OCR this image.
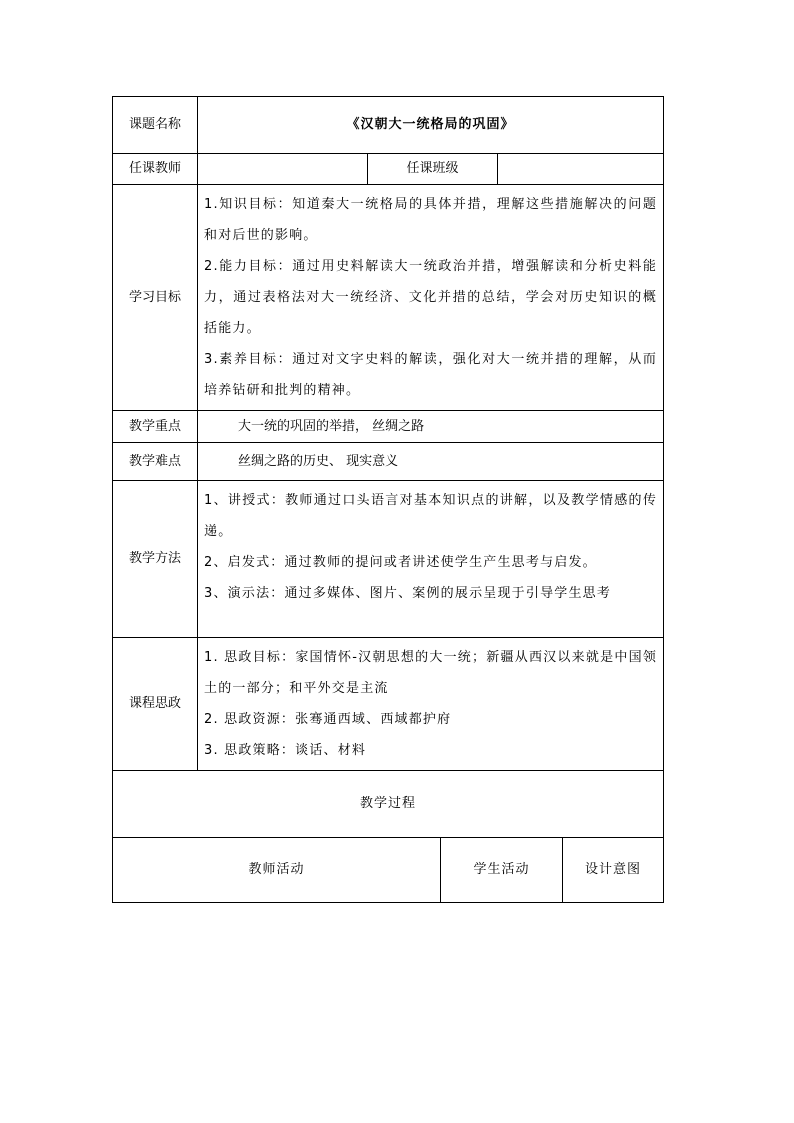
课题名称	《汉朝大一统格局的巩固》				
任课教师		任课班级			
学习目标	1.知识目标：知道秦大一统格局的具体并措，理解这些措施解决的问题和对后世的影响。

2.能力目标：通过用史料解读大一统政治并措，增强解读和分析史料能力，通过表格法对大一统经济、文化并措的总结，学会对历史知识的概括能力。

3.素养目标：通过对文字史料的解读，强化对大一统并措的理解，从而培养钻研和批判的精神。				

教学重点	大一统的巩固的举措， 丝绸之路				
教学难点	丝绸之路的历史、 现实意义				
教学方法	1、讲授式：教师通过口头语言对基本知识点的讲解，以及教学情感的传递。

2、启发式：通过教师的提问或者讲述使学生产生思考与启发。

3、演示法：通过多媒体、图片、案例的展示呈现于引导学生思考				

课程思政	1. 思政目标：家国情怀-汉朝思想的大一统；新疆从西汉以来就是中国领土的一部分；和平外交是主流

2. 思政资源：张骞通西域、西域都护府

3. 思政策略：谈话、材料				

教学过程					
教师活动			学生活动		设计意图
